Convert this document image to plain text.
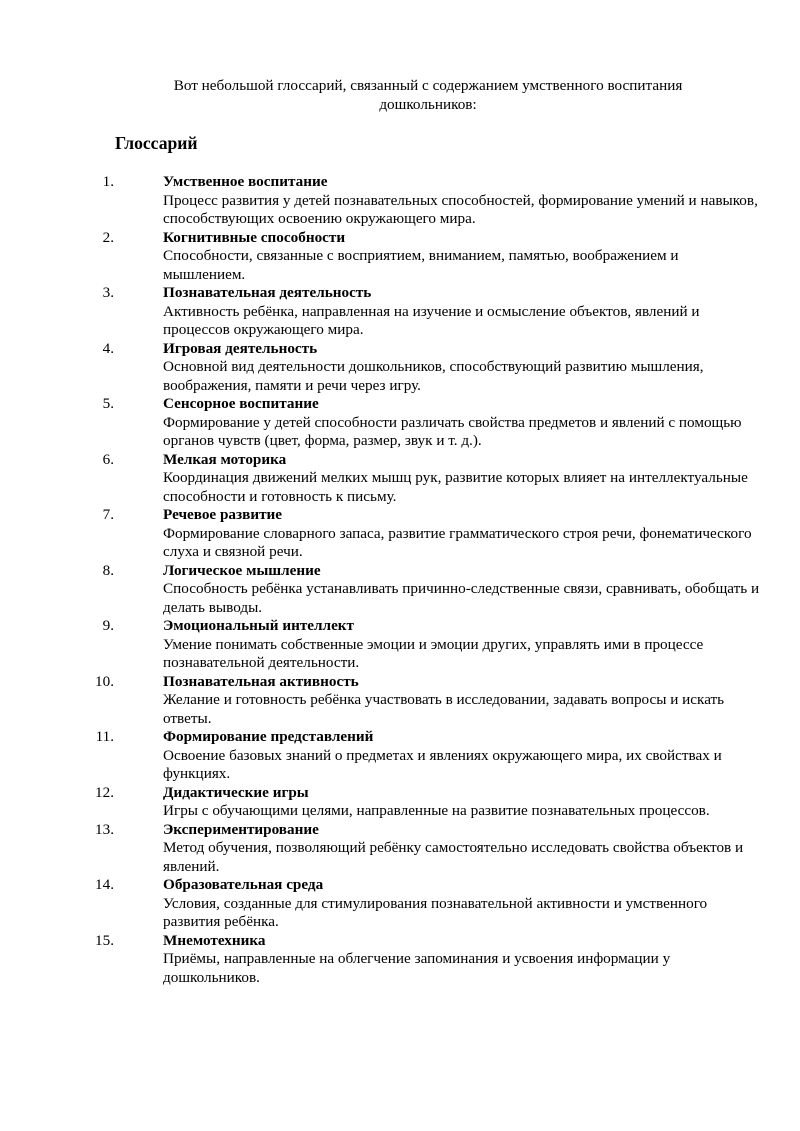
Вот небольшой глоссарий, связанный с содержанием умственного воспитания дошкольников:
Глоссарий
1.	Умственное воспитание
Процесс развития у детей познавательных способностей, формирование умений и навыков, способствующих освоению окружающего мира.
2.	Когнитивные способности
Способности, связанные с восприятием, вниманием, памятью, воображением и мышлением.
3.	Познавательная деятельность
Активность ребёнка, направленная на изучение и осмысление объектов, явлений и процессов окружающего мира.
4.	Игровая деятельность
Основной вид деятельности дошкольников, способствующий развитию мышления, воображения, памяти и речи через игру.
5.	Сенсорное воспитание
Формирование у детей способности различать свойства предметов и явлений с помощью органов чувств (цвет, форма, размер, звук и т. д.).
6.	Мелкая моторика
Координация движений мелких мышц рук, развитие которых влияет на интеллектуальные способности и готовность к письму.
7.	Речевое развитие
Формирование словарного запаса, развитие грамматического строя речи, фонематического слуха и связной речи.
8.	Логическое мышление
Способность ребёнка устанавливать причинно-следственные связи, сравнивать, обобщать и делать выводы.
9.	Эмоциональный интеллект
Умение понимать собственные эмоции и эмоции других, управлять ими в процессе познавательной деятельности.
10.	Познавательная активность
Желание и готовность ребёнка участвовать в исследовании, задавать вопросы и искать ответы.
11.	Формирование представлений
Освоение базовых знаний о предметах и явлениях окружающего мира, их свойствах и функциях.
12.	Дидактические игры
Игры с обучающими целями, направленные на развитие познавательных процессов.
13.	Экспериментирование
Метод обучения, позволяющий ребёнку самостоятельно исследовать свойства объектов и явлений.
14.	Образовательная среда
Условия, созданные для стимулирования познавательной активности и умственного развития ребёнка.
15.	Мнемотехника
Приёмы, направленные на облегчение запоминания и усвоения информации у дошкольников.
